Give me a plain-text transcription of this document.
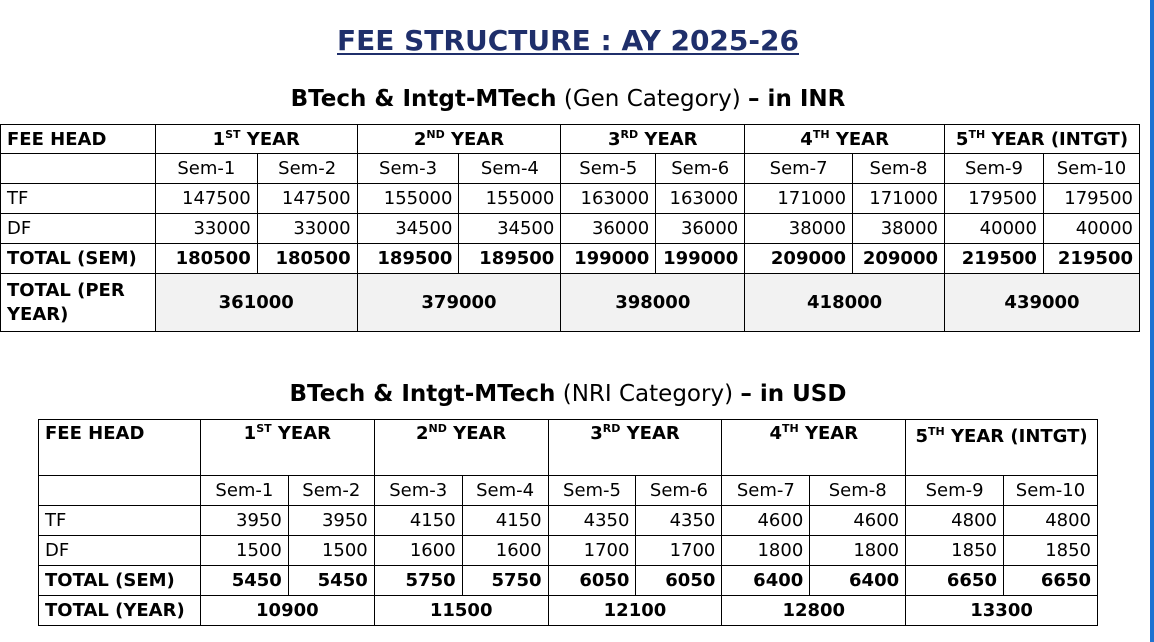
FEE STRUCTURE : AY 2025-26
BTech & Intgt-MTech (Gen Category) – in INR
FEE HEAD	1ST YEAR		2ND YEAR		3RD YEAR		4TH YEAR		5TH YEAR (INTGT)	
	Sem-1	Sem-2	Sem-3	Sem-4	Sem-5	Sem-6	Sem-7	Sem-8	Sem-9	Sem-10
TF	147500	147500	155000	155000	163000	163000	171000	171000	179500	179500
DF	33000	33000	34500	34500	36000	36000	38000	38000	40000	40000
TOTAL (SEM)	180500	180500	189500	189500	199000	199000	209000	209000	219500	219500
TOTAL (PER YEAR)	361000		379000		398000		418000		439000	
BTech & Intgt-MTech (NRI Category) – in USD
FEE HEAD	1ST YEAR		2ND YEAR		3RD YEAR		4TH YEAR		5TH YEAR (INTGT)	
	Sem-1	Sem-2	Sem-3	Sem-4	Sem-5	Sem-6	Sem-7	Sem-8	Sem-9	Sem-10
TF	3950	3950	4150	4150	4350	4350	4600	4600	4800	4800
DF	1500	1500	1600	1600	1700	1700	1800	1800	1850	1850
TOTAL (SEM)	5450	5450	5750	5750	6050	6050	6400	6400	6650	6650
TOTAL (YEAR)	10900		11500		12100		12800		13300	
